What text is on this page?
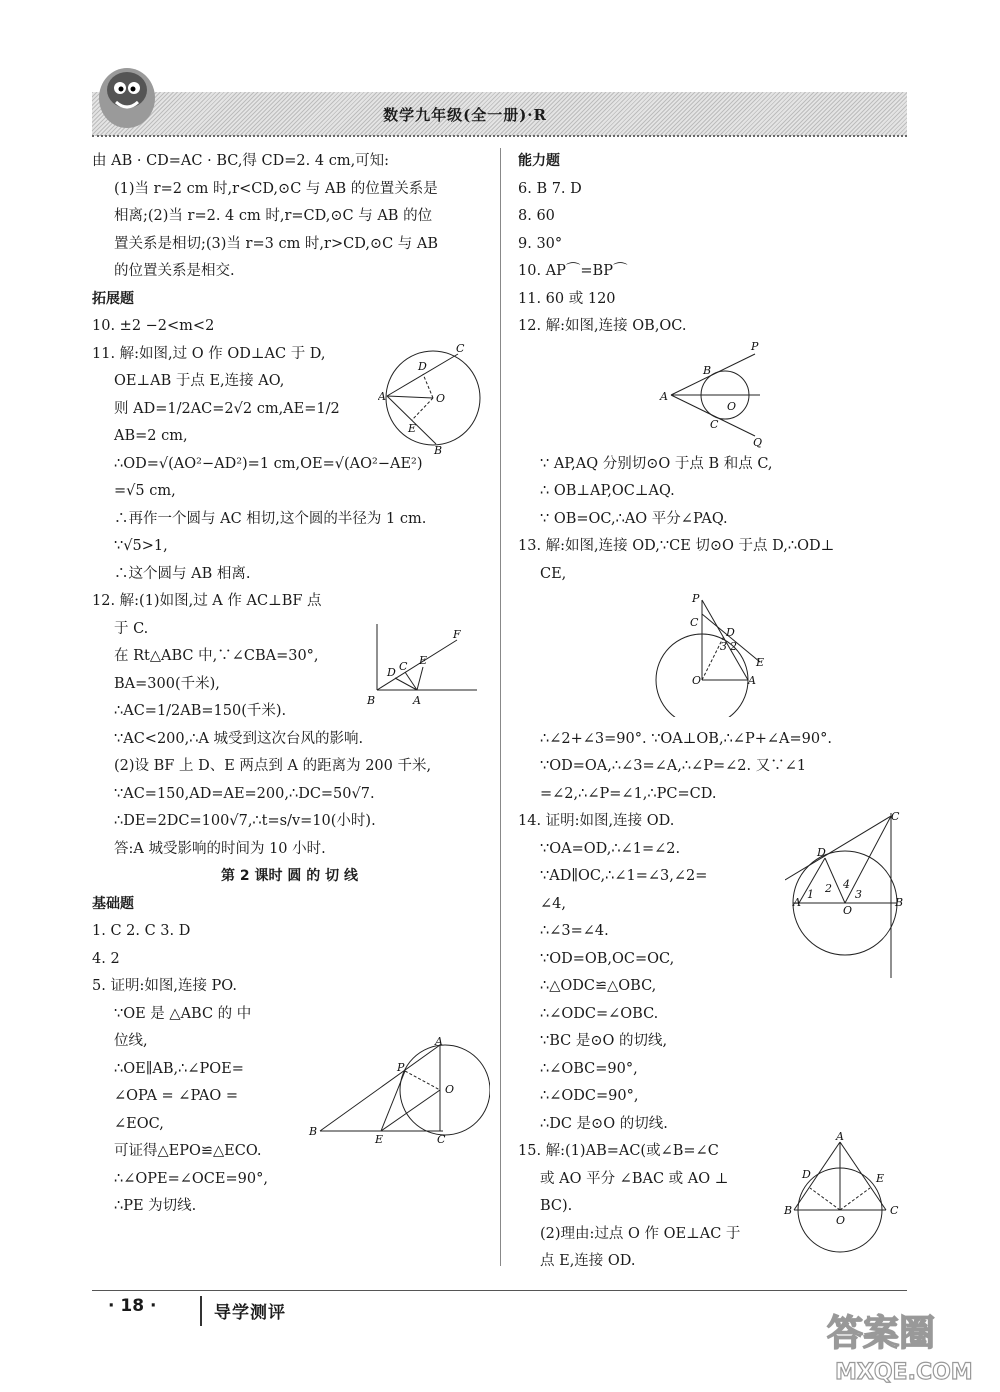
数学九年级(全一册)·R

由 AB · CD=AC · BC,得 CD=2. 4 cm,可知:

(1)当 r=2 cm 时,r<CD,⊙C 与 AB 的位置关系是

相离;(2)当 r=2. 4 cm 时,r=CD,⊙C 与 AB 的位

置关系是相切;(3)当 r=3 cm 时,r>CD,⊙C 与 AB

的位置关系是相交.

拓展题

10. ±2 −2<m<2

11. 解:如图,过 O 作 OD⊥AC 于 D,

OE⊥AB 于点 E,连接 AO,

则 AD=1/2AC=2√2 cm,AE=1/2

AB=2 cm,

∴OD=√(AO²−AD²)=1 cm,OE=√(AO²−AE²)

=√5 cm,

∴再作一个圆与 AC 相切,这个圆的半径为 1 cm.

∵√5>1,

∴这个圆与 AB 相离.

12. 解:(1)如图,过 A 作 AC⊥BF 点

于 C.

在 Rt△ABC 中,∵∠CBA=30°,

BA=300(千米),

∴AC=1/2AB=150(千米).

∵AC<200,∴A 城受到这次台风的影响.

(2)设 BF 上 D、E 两点到 A 的距离为 200 千米,

∵AC=150,AD=AE=200,∴DC=50√7.

∴DE=2DC=100√7,∴t=s/v=10(小时).

答:A 城受影响的时间为 10 小时.

第 2 课时 圆 的 切 线

基础题

1. C 2. C 3. D

4. 2

5. 证明:如图,连接 PO.

∵OE 是 △ABC 的 中

位线,

∴OE∥AB,∴∠POE=

∠OPA = ∠PAO =

∠EOC,

可证得△EPO≌△ECO.

∴∠OPE=∠OCE=90°,

∴PE 为切线.

能力题

6. B 7. D

8. 60

9. 30°

10. AP⌒=BP⌒

11. 60 或 120

12. 解:如图,连接 OB,OC.

∵ AP,AQ 分别切⊙O 于点 B 和点 C,

∴ OB⊥AP,OC⊥AQ.

∵ OB=OC,∴AO 平分∠PAQ.

13. 解:如图,连接 OD,∵CE 切⊙O 于点 D,∴OD⊥

CE,

∴∠2+∠3=90°. ∵OA⊥OB,∴∠P+∠A=90°.

∵OD=OA,∴∠3=∠A,∴∠P=∠2. 又∵∠1

=∠2,∴∠P=∠1,∴PC=CD.

14. 证明:如图,连接 OD.

∵OA=OD,∴∠1=∠2.

∵AD∥OC,∴∠1=∠3,∠2=

∠4,

∴∠3=∠4.

∵OD=OB,OC=OC,

∴△ODC≌△OBC,

∴∠ODC=∠OBC.

∵BC 是⊙O 的切线,

∴∠OBC=90°,

∴∠ODC=90°,

∴DC 是⊙O 的切线.

15. 解:(1)AB=AC(或∠B=∠C

或 AO 平分 ∠BAC 或 AO ⊥

BC).

(2)理由:过点 O 作 OE⊥AC 于

点 E,连接 OD.

A
C
D
O
E
B
F
D C E
B	A
B
P
A
O
E	C
P
B
A
O
C
Q
P
C
D
O	A
E
3 2
C
D
A
O
B
1 2 4
3
A
D	E
B
O
C
· 18 ·	导学测评	答案圈
MXQE.COM
